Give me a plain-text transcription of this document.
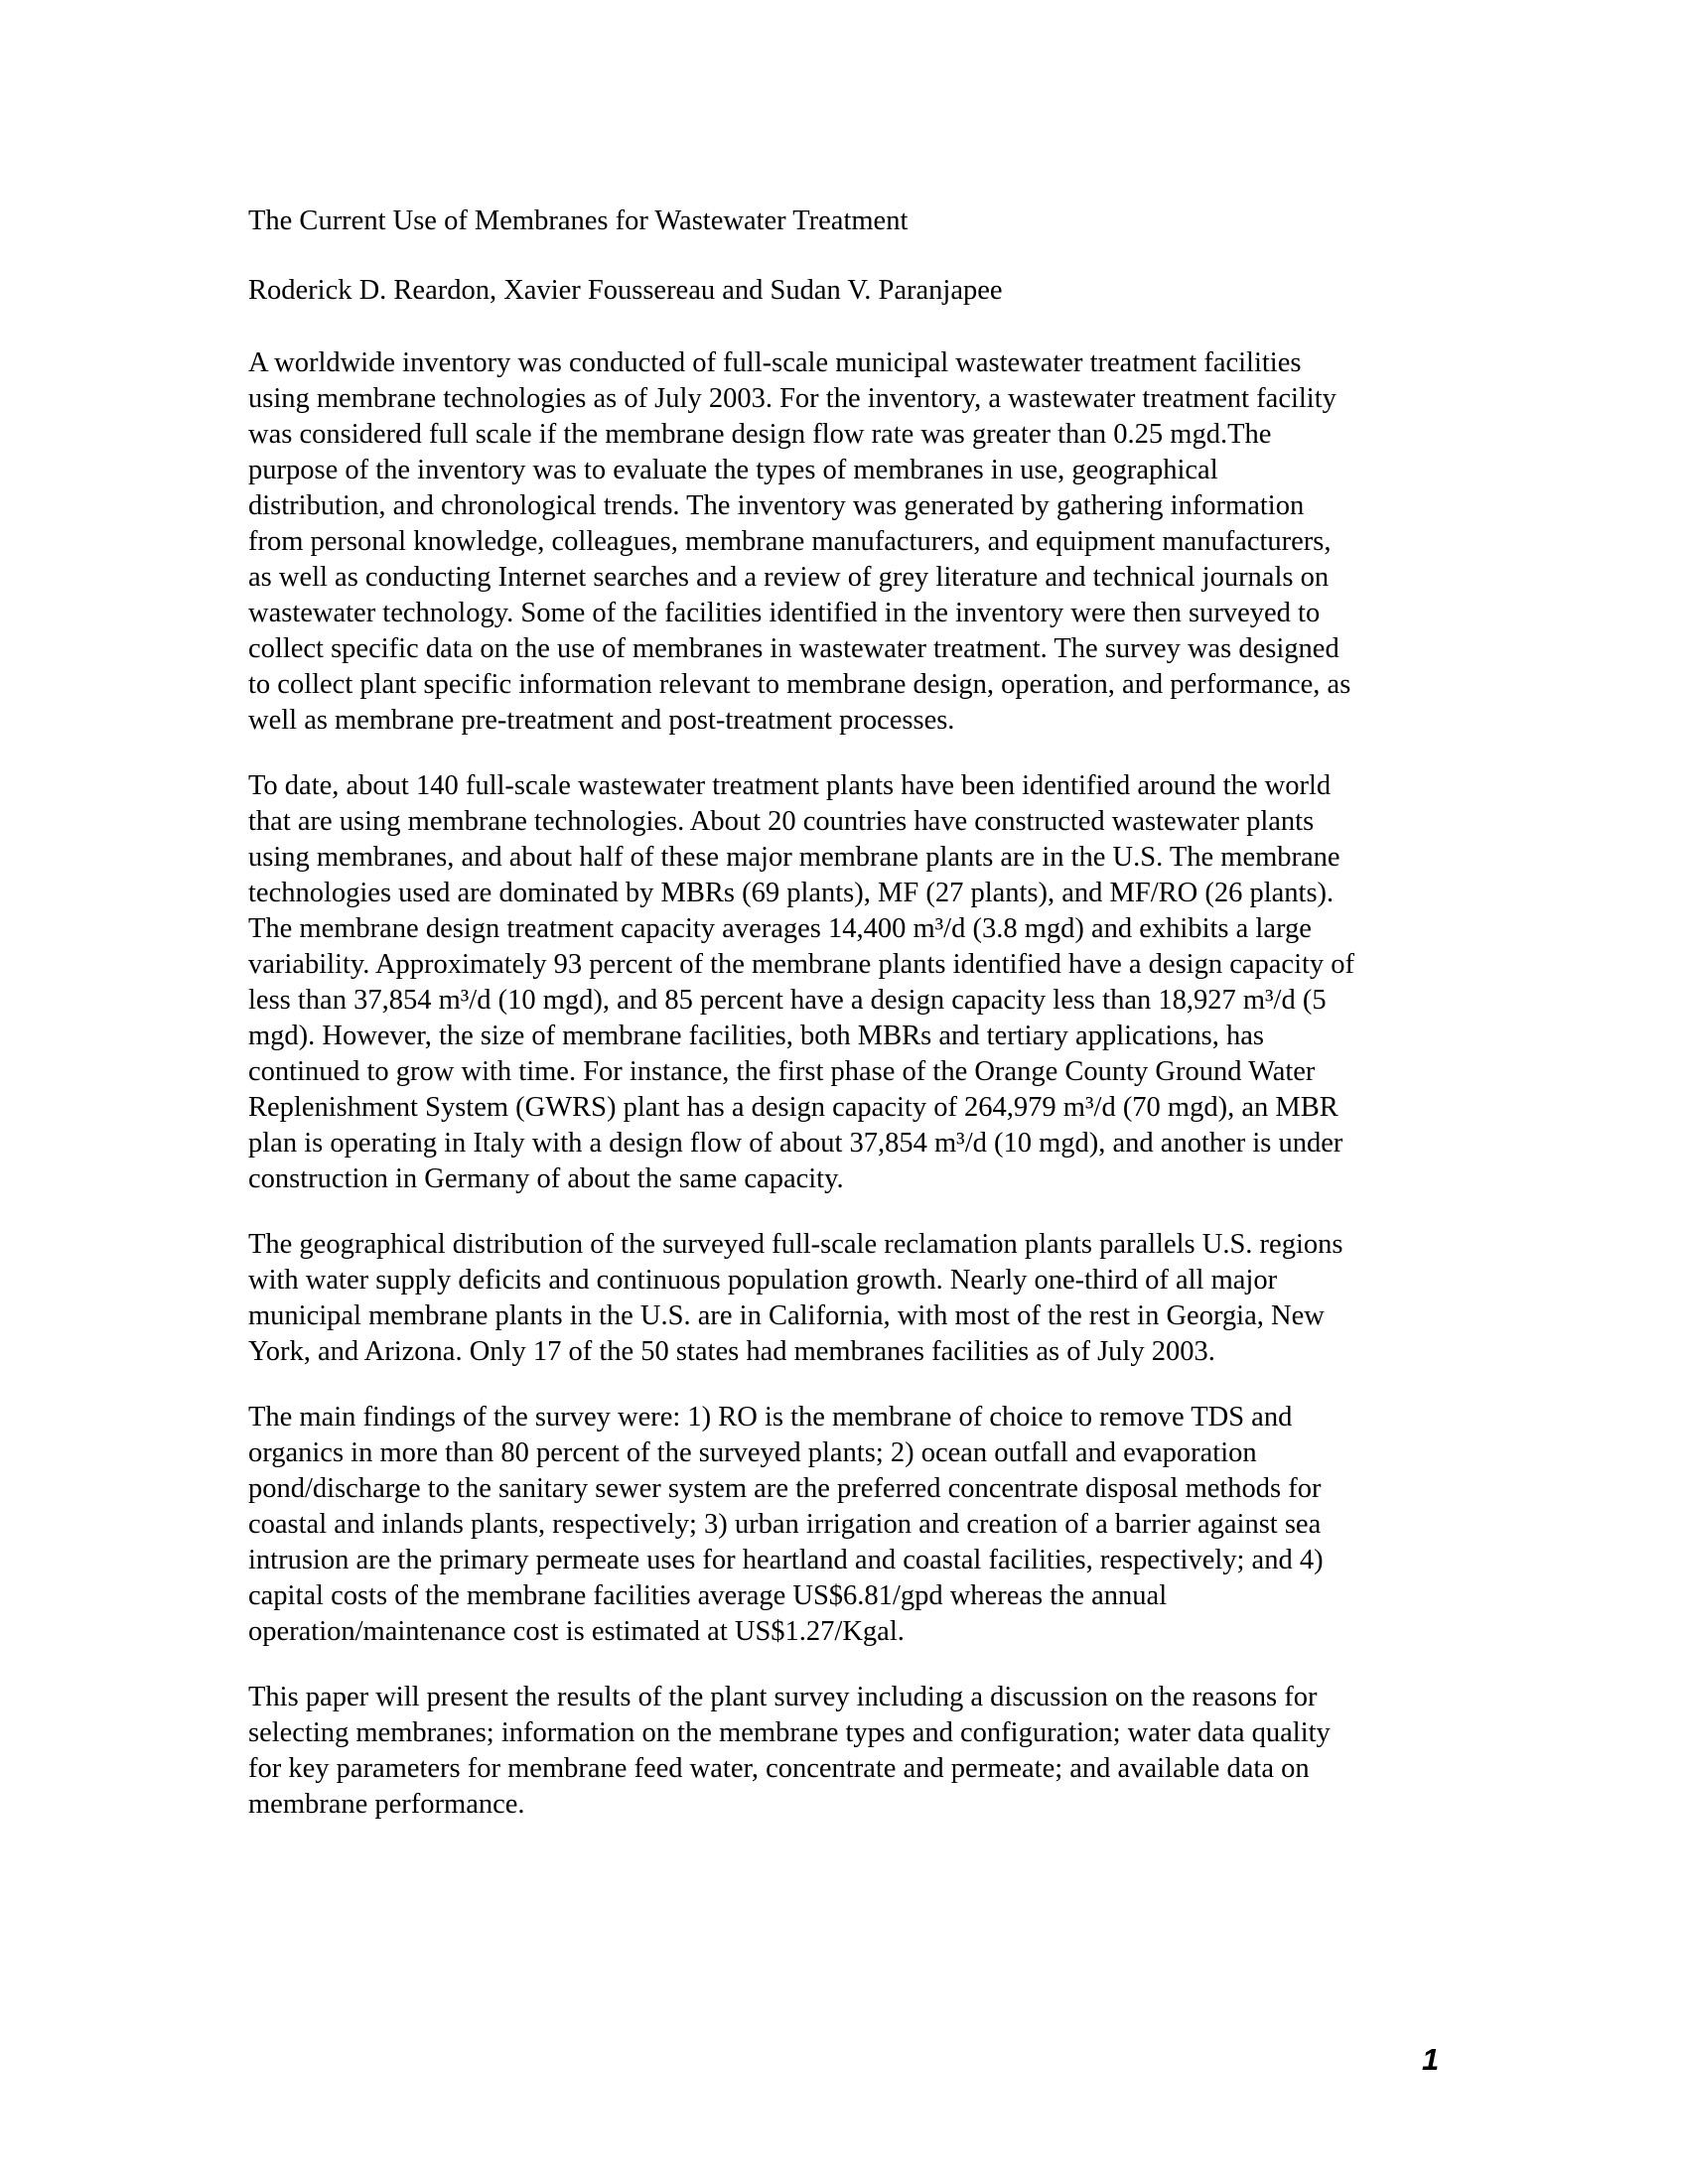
The Current Use of Membranes for Wastewater Treatment
Roderick D. Reardon, Xavier Foussereau and Sudan V. Paranjapee
A worldwide inventory was conducted of full-scale municipal wastewater treatment facilities
using membrane technologies as of July 2003. For the inventory, a wastewater treatment facility
was considered full scale if the membrane design flow rate was greater than 0.25 mgd.The
purpose of the inventory was to evaluate the types of membranes in use, geographical
distribution, and chronological trends. The inventory was generated by gathering information
from personal knowledge, colleagues, membrane manufacturers, and equipment manufacturers,
as well as conducting Internet searches and a review of grey literature and technical journals on
wastewater technology. Some of the facilities identified in the inventory were then surveyed to
collect specific data on the use of membranes in wastewater treatment. The survey was designed
to collect plant specific information relevant to membrane design, operation, and performance, as
well as membrane pre-treatment and post-treatment processes.
To date, about 140 full-scale wastewater treatment plants have been identified around the world
that are using membrane technologies. About 20 countries have constructed wastewater plants
using membranes, and about half of these major membrane plants are in the U.S. The membrane
technologies used are dominated by MBRs (69 plants), MF (27 plants), and MF/RO (26 plants).
The membrane design treatment capacity averages 14,400 m³/d (3.8 mgd) and exhibits a large
variability. Approximately 93 percent of the membrane plants identified have a design capacity of
less than 37,854 m³/d (10 mgd), and 85 percent have a design capacity less than 18,927 m³/d (5
mgd). However, the size of membrane facilities, both MBRs and tertiary applications, has
continued to grow with time. For instance, the first phase of the Orange County Ground Water
Replenishment System (GWRS) plant has a design capacity of 264,979 m³/d (70 mgd), an MBR
plan is operating in Italy with a design flow of about 37,854 m³/d (10 mgd), and another is under
construction in Germany of about the same capacity.
The geographical distribution of the surveyed full-scale reclamation plants parallels U.S. regions
with water supply deficits and continuous population growth. Nearly one-third of all major
municipal membrane plants in the U.S. are in California, with most of the rest in Georgia, New
York, and Arizona. Only 17 of the 50 states had membranes facilities as of July 2003.
The main findings of the survey were: 1) RO is the membrane of choice to remove TDS and
organics in more than 80 percent of the surveyed plants; 2) ocean outfall and evaporation
pond/discharge to the sanitary sewer system are the preferred concentrate disposal methods for
coastal and inlands plants, respectively; 3) urban irrigation and creation of a barrier against sea
intrusion are the primary permeate uses for heartland and coastal facilities, respectively; and 4)
capital costs of the membrane facilities average US$6.81/gpd whereas the annual
operation/maintenance cost is estimated at US$1.27/Kgal.
This paper will present the results of the plant survey including a discussion on the reasons for
selecting membranes; information on the membrane types and configuration; water data quality
for key parameters for membrane feed water, concentrate and permeate; and available data on
membrane performance.
1
